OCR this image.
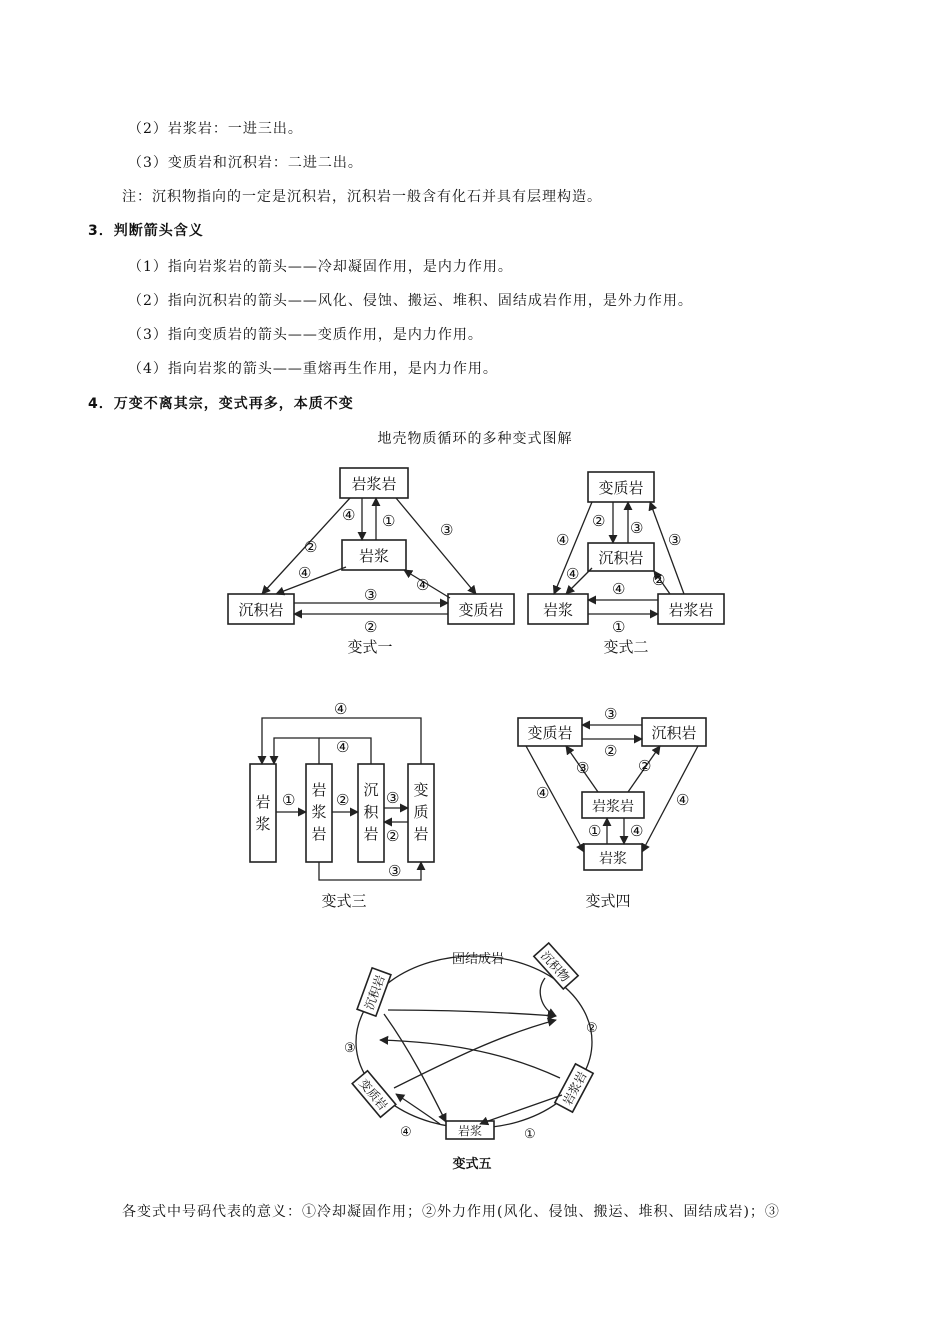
（2）岩浆岩：一进三出。
（3）变质岩和沉积岩：二进二出。
注：沉积物指向的一定是沉积岩，沉积岩一般含有化石并具有层理构造。
3．判断箭头含义
（1）指向岩浆岩的箭头——冷却凝固作用，是内力作用。
（2）指向沉积岩的箭头——风化、侵蚀、搬运、堆积、固结成岩作用，是外力作用。
（3）指向变质岩的箭头——变质作用，是内力作用。
（4）指向岩浆的箭头——重熔再生作用，是内力作用。
4．万变不离其宗，变式再多，本质不变
地壳物质循环的多种变式图解
岩浆岩
岩浆
沉积岩	变质岩
④ ①
②
④
③
④
③
②
变式一
变质岩
沉积岩
岩浆	岩浆岩
② ③
④
④
③
②
④
①
变式二
岩
浆
岩
浆
岩
沉
积
岩
变
质
岩
①	② ③
②
④
④
③
变式三
变质岩	沉积岩
岩浆岩
岩浆
③
②
③	②
④	④
① ④
变式四
固结成岩
沉积岩
沉积物
变质岩	岩浆岩
岩浆
②
③
④	①
变式五
各变式中号码代表的意义：①冷却凝固作用；②外力作用(风化、侵蚀、搬运、堆积、固结成岩)；③
